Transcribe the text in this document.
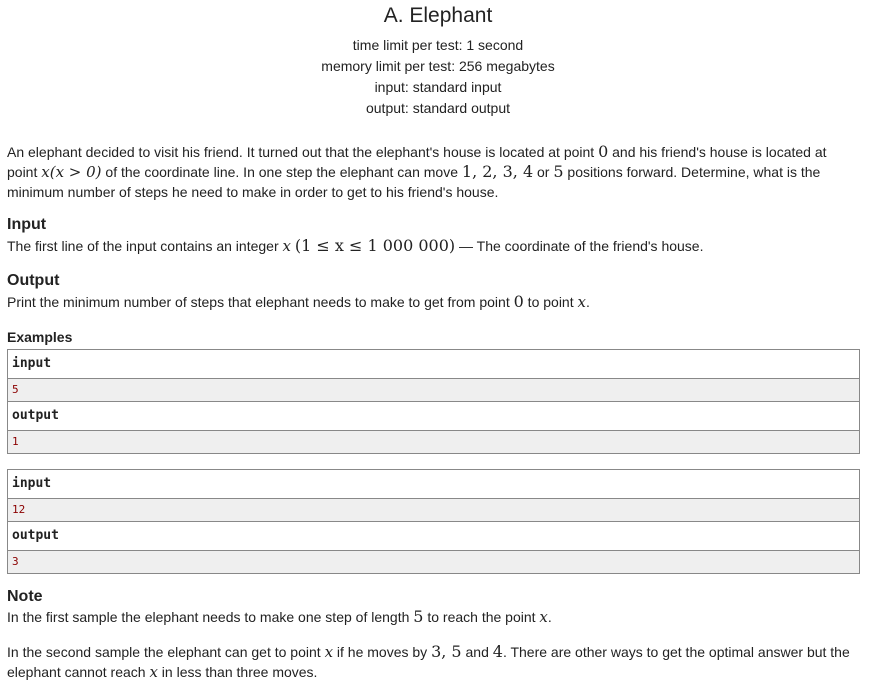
A. Elephant
time limit per test: 1 second
memory limit per test: 256 megabytes
input: standard input
output: standard output
An elephant decided to visit his friend. It turned out that the elephant's house is located at point 0 and his friend's house is located at point x(x > 0) of the coordinate line. In one step the elephant can move 1, 2, 3, 4 or 5 positions forward. Determine, what is the minimum number of steps he need to make in order to get to his friend's house.
Input
The first line of the input contains an integer x (1 ≤ x ≤ 1 000 000) — The coordinate of the friend's house.
Output
Print the minimum number of steps that elephant needs to make to get from point 0 to point x.
Examples
input
5
output
1
input
12
output
3
Note
In the first sample the elephant needs to make one step of length 5 to reach the point x.
In the second sample the elephant can get to point x if he moves by 3, 5 and 4. There are other ways to get the optimal answer but the elephant cannot reach x in less than three moves.
